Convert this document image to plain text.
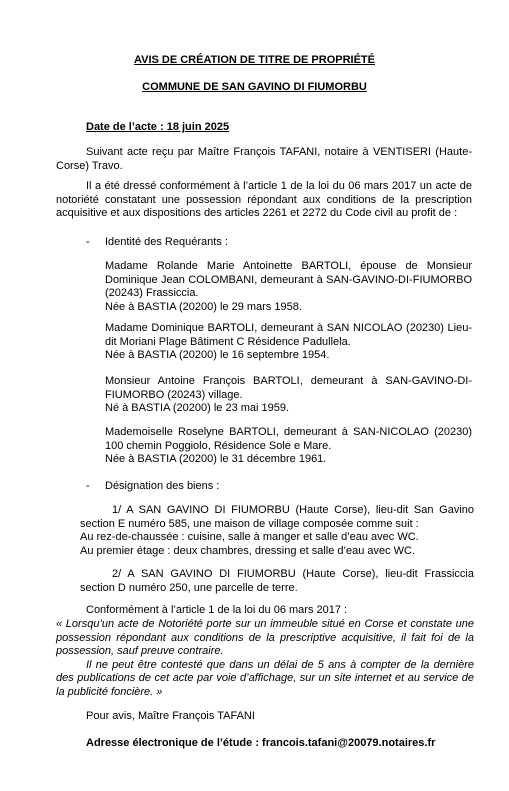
AVIS DE CRÉATION DE TITRE DE PROPRIÉTÉ
COMMUNE DE SAN GAVINO DI FIUMORBU
Date de l’acte : 18 juin 2025

Suivant acte reçu par Maître François TAFANI, notaire à VENTISERI (Haute-Corse) Travo.

Il a été dressé conformément à l’article 1 de la loi du 06 mars 2017 un acte de notoriété constatant une possession répondant aux conditions de la prescription acquisitive et aux dispositions des articles 2261 et 2272 du Code civil au profit de :

- Identité des Requérants :

Madame Rolande Marie Antoinette BARTOLI, épouse de Monsieur Dominique Jean COLOMBANI, demeurant à SAN-GAVINO-DI-FIUMORBO (20243) Frassiccia.

Née à BASTIA (20200) le 29 mars 1958.

Madame Dominique BARTOLI, demeurant à SAN NICOLAO (20230) Lieu-dit Moriani Plage Bâtiment C Résidence Padullela.

Née à BASTIA (20200) le 16 septembre 1954.

Monsieur Antoine François BARTOLI, demeurant à SAN-GAVINO-DI-FIUMORBO (20243) village.

Né à BASTIA (20200) le 23 mai 1959.

Mademoiselle Roselyne BARTOLI, demeurant à SAN-NICOLAO (20230) 100 chemin Poggiolo, Résidence Sole e Mare.

Née à BASTIA (20200) le 31 décembre 1961.

- Désignation des biens :

1/ A SAN GAVINO DI FIUMORBU (Haute Corse), lieu-dit San Gavino section E numéro 585, une maison de village composée comme suit :

Au rez-de-chaussée : cuisine, salle à manger et salle d’eau avec WC.

Au premier étage : deux chambres, dressing et salle d’eau avec WC.

2/ A SAN GAVINO DI FIUMORBU (Haute Corse), lieu-dit Frassiccia section D numéro 250, une parcelle de terre.

Conformément à l’article 1 de la loi du 06 mars 2017 :

« Lorsqu’un acte de Notoriété porte sur un immeuble situé en Corse et constate une possession répondant aux conditions de la prescriptive acquisitive, il fait foi de la possession, sauf preuve contraire.

Il ne peut être contesté que dans un délai de 5 ans à compter de la dernière des publications de cet acte par voie d’affichage, sur un site internet et au service de la publicité foncière. »

Pour avis, Maître François TAFANI
Adresse électronique de l’étude : francois.tafani@20079.notaires.fr
